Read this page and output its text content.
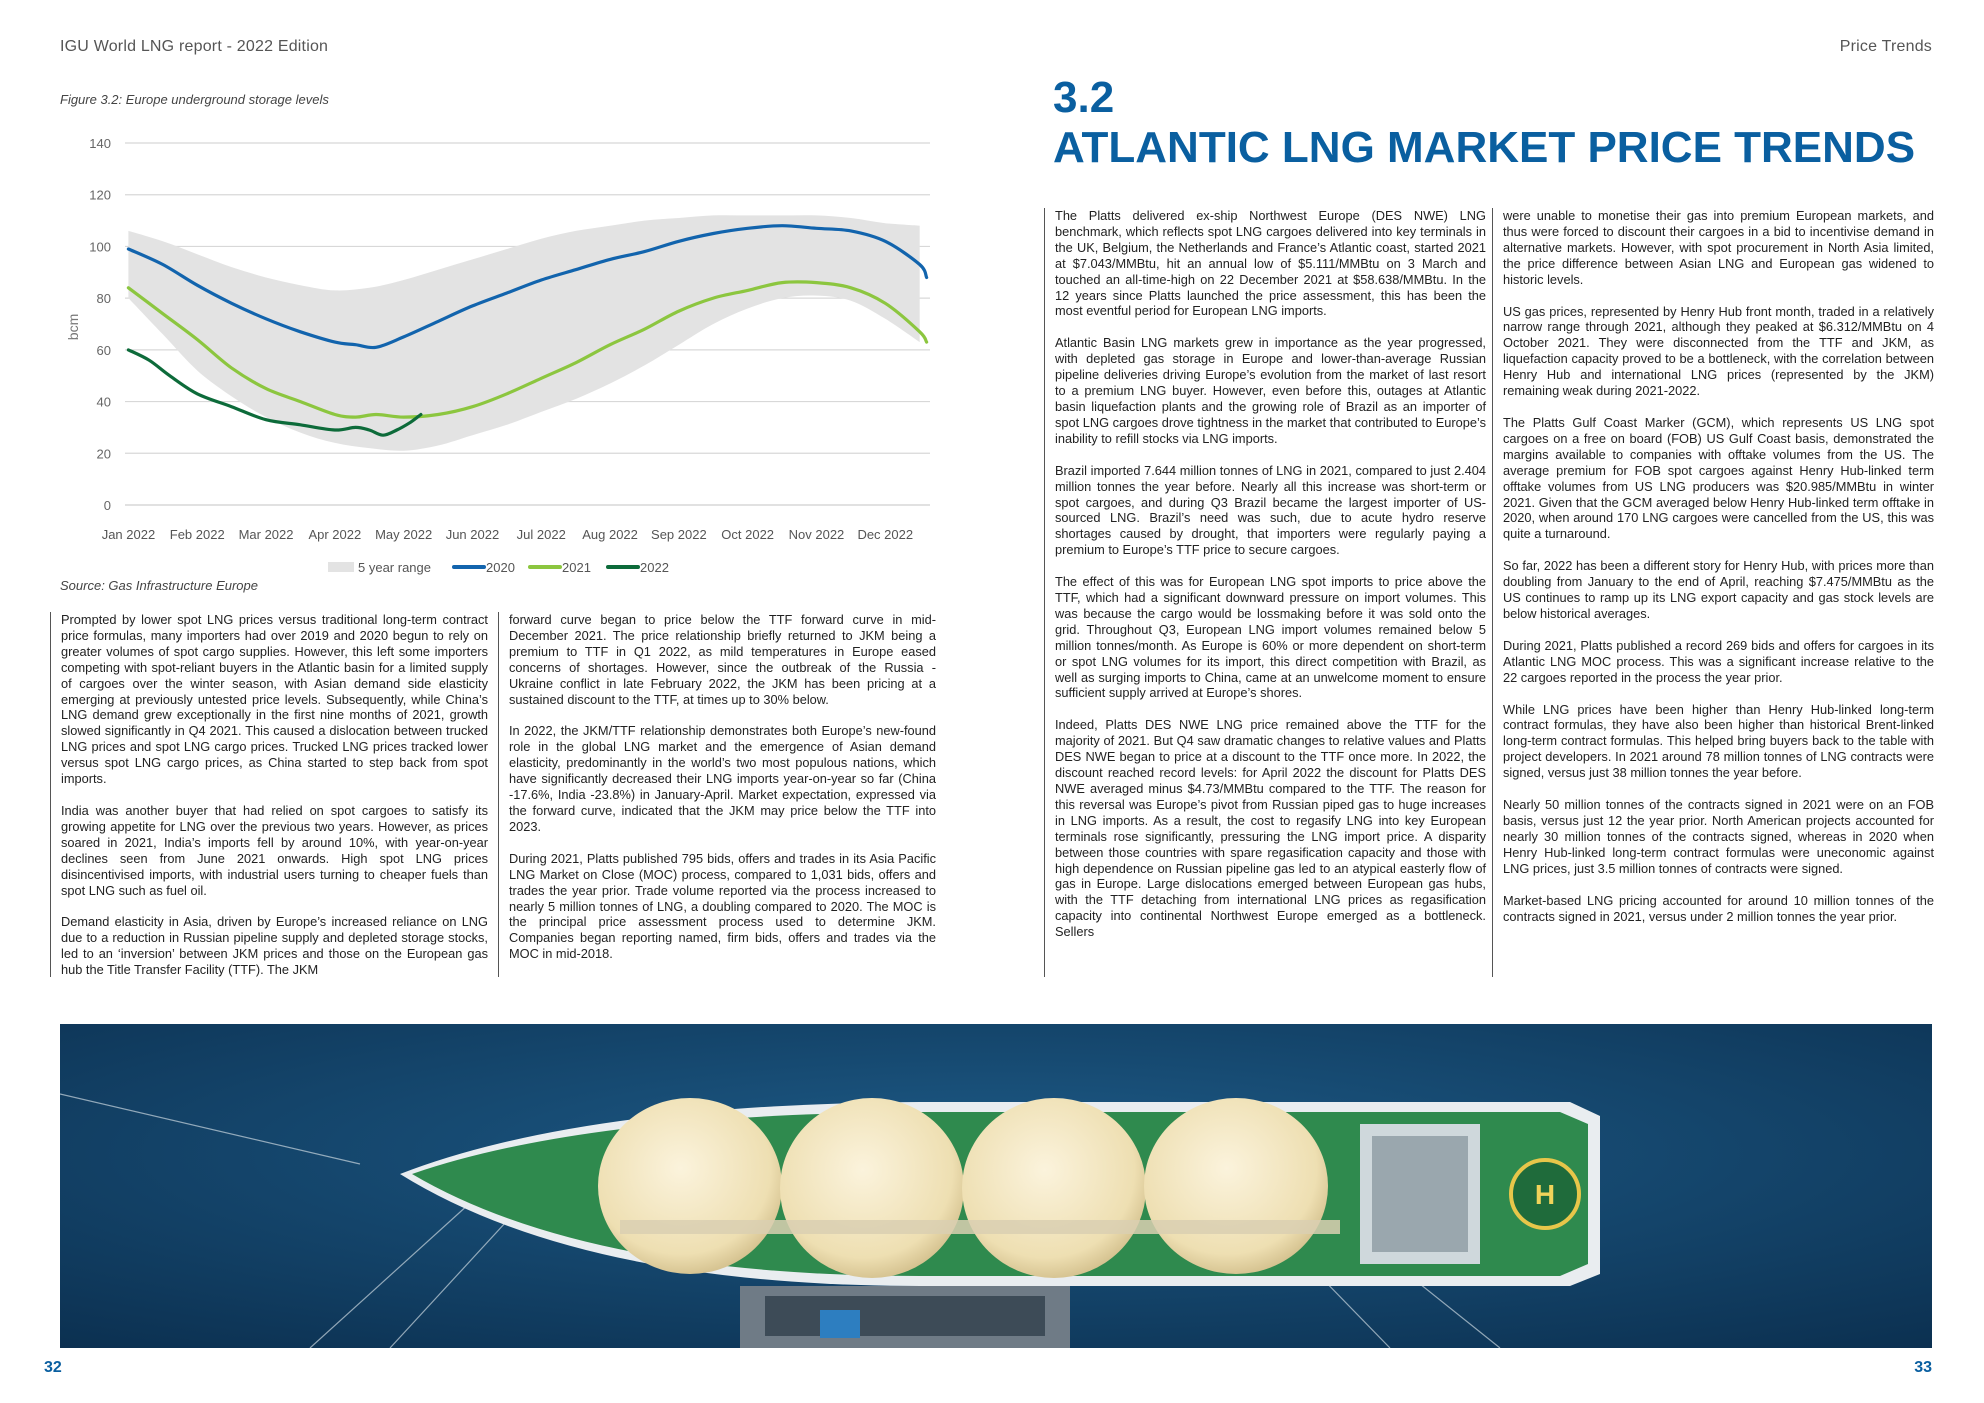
IGU World LNG report - 2022 Edition	Price Trends
Figure 3.2: Europe underground storage levels
0
20
40
60
80
100
120
140
Jan 2022 Feb 2022 Mar 2022 Apr 2022 May 2022 Jun 2022 Jul 2022 Aug 2022 Sep 2022 Oct 2022 Nov 2022 Dec 2022
bcm
5 year range	2020	2021	2022
Source: Gas Infrastructure Europe

Prompted by lower spot LNG prices versus traditional long-term contract price formulas, many importers had over 2019 and 2020 begun to rely on greater volumes of spot cargo supplies. However, this left some importers competing with spot-reliant buyers in the Atlantic basin for a limited supply of cargoes over the winter season, with Asian demand side elasticity emerging at previously untested price levels. Subsequently, while China’s LNG demand grew exceptionally in the first nine months of 2021, growth slowed significantly in Q4 2021. This caused a dislocation between trucked LNG prices and spot LNG cargo prices. Trucked LNG prices tracked lower versus spot LNG cargo prices, as China started to step back from spot imports.

India was another buyer that had relied on spot cargoes to satisfy its growing appetite for LNG over the previous two years. However, as prices soared in 2021, India’s imports fell by around 10%, with year-on-year declines seen from June 2021 onwards. High spot LNG prices disincentivised imports, with industrial users turning to cheaper fuels than spot LNG such as fuel oil.

Demand elasticity in Asia, driven by Europe’s increased reliance on LNG due to a reduction in Russian pipeline supply and depleted storage stocks, led to an ‘inversion’ between JKM prices and those on the European gas hub the Title Transfer Facility (TTF). The JKM

forward curve began to price below the TTF forward curve in mid-December 2021. The price relationship briefly returned to JKM being a premium to TTF in Q1 2022, as mild temperatures in Europe eased concerns of shortages. However, since the outbreak of the Russia - Ukraine conflict in late February 2022, the JKM has been pricing at a sustained discount to the TTF, at times up to 30% below.

In 2022, the JKM/TTF relationship demonstrates both Europe’s new-found role in the global LNG market and the emergence of Asian demand elasticity, predominantly in the world’s two most populous nations, which have significantly decreased their LNG imports year-on-year so far (China -17.6%, India -23.8%) in January-April. Market expectation, expressed via the forward curve, indicated that the JKM may price below the TTF into 2023.

During 2021, Platts published 795 bids, offers and trades in its Asia Pacific LNG Market on Close (MOC) process, compared to 1,031 bids, offers and trades the year prior. Trade volume reported via the process increased to nearly 5 million tonnes of LNG, a doubling compared to 2020. The MOC is the principal price assessment process used to determine JKM. Companies began reporting named, firm bids, offers and trades via the MOC in mid-2018.

3.2
ATLANTIC LNG MARKET PRICE TRENDS

The Platts delivered ex-ship Northwest Europe (DES NWE) LNG benchmark, which reflects spot LNG cargoes delivered into key terminals in the UK, Belgium, the Netherlands and France’s Atlantic coast, started 2021 at $7.043/MMBtu, hit an annual low of $5.111/MMBtu on 3 March and touched an all-time-high on 22 December 2021 at $58.638/MMBtu. In the 12 years since Platts launched the price assessment, this has been the most eventful period for European LNG imports.

Atlantic Basin LNG markets grew in importance as the year progressed, with depleted gas storage in Europe and lower-than-average Russian pipeline deliveries driving Europe’s evolution from the market of last resort to a premium LNG buyer. However, even before this, outages at Atlantic basin liquefaction plants and the growing role of Brazil as an importer of spot LNG cargoes drove tightness in the market that contributed to Europe’s inability to refill stocks via LNG imports.

Brazil imported 7.644 million tonnes of LNG in 2021, compared to just 2.404 million tonnes the year before. Nearly all this increase was short-term or spot cargoes, and during Q3 Brazil became the largest importer of US-sourced LNG. Brazil’s need was such, due to acute hydro reserve shortages caused by drought, that importers were regularly paying a premium to Europe’s TTF price to secure cargoes.

The effect of this was for European LNG spot imports to price above the TTF, which had a significant downward pressure on import volumes. This was because the cargo would be lossmaking before it was sold onto the grid. Throughout Q3, European LNG import volumes remained below 5 million tonnes/month. As Europe is 60% or more dependent on short-term or spot LNG volumes for its import, this direct competition with Brazil, as well as surging imports to China, came at an unwelcome moment to ensure sufficient supply arrived at Europe’s shores.

Indeed, Platts DES NWE LNG price remained above the TTF for the majority of 2021. But Q4 saw dramatic changes to relative values and Platts DES NWE began to price at a discount to the TTF once more. In 2022, the discount reached record levels: for April 2022 the discount for Platts DES NWE averaged minus $4.73/MMBtu compared to the TTF. The reason for this reversal was Europe’s pivot from Russian piped gas to huge increases in LNG imports. As a result, the cost to regasify LNG into key European terminals rose significantly, pressuring the LNG import price. A disparity between those countries with spare regasification capacity and those with high dependence on Russian pipeline gas led to an atypical easterly flow of gas in Europe. Large dislocations emerged between European gas hubs, with the TTF detaching from international LNG prices as regasification capacity into continental Northwest Europe emerged as a bottleneck. Sellers

were unable to monetise their gas into premium European markets, and thus were forced to discount their cargoes in a bid to incentivise demand in alternative markets. However, with spot procurement in North Asia limited, the price difference between Asian LNG and European gas widened to historic levels.

US gas prices, represented by Henry Hub front month, traded in a relatively narrow range through 2021, although they peaked at $6.312/MMBtu on 4 October 2021. They were disconnected from the TTF and JKM, as liquefaction capacity proved to be a bottleneck, with the correlation between Henry Hub and international LNG prices (represented by the JKM) remaining weak during 2021-2022.

The Platts Gulf Coast Marker (GCM), which represents US LNG spot cargoes on a free on board (FOB) US Gulf Coast basis, demonstrated the margins available to companies with offtake volumes from the US. The average premium for FOB spot cargoes against Henry Hub-linked term offtake volumes from US LNG producers was $20.985/MMBtu in winter 2021. Given that the GCM averaged below Henry Hub-linked term offtake in 2020, when around 170 LNG cargoes were cancelled from the US, this was quite a turnaround.

So far, 2022 has been a different story for Henry Hub, with prices more than doubling from January to the end of April, reaching $7.475/MMBtu as the US continues to ramp up its LNG export capacity and gas stock levels are below historical averages.

During 2021, Platts published a record 269 bids and offers for cargoes in its Atlantic LNG MOC process. This was a significant increase relative to the 22 cargoes reported in the process the year prior.

While LNG prices have been higher than Henry Hub-linked long-term contract formulas, they have also been higher than historical Brent-linked long-term contract formulas. This helped bring buyers back to the table with project developers. In 2021 around 78 million tonnes of LNG contracts were signed, versus just 38 million tonnes the year before.

Nearly 50 million tonnes of the contracts signed in 2021 were on an FOB basis, versus just 12 the year prior. North American projects accounted for nearly 30 million tonnes of the contracts signed, whereas in 2020 when Henry Hub-linked long-term contract formulas were uneconomic against LNG prices, just 3.5 million tonnes of contracts were signed.

Market-based LNG pricing accounted for around 10 million tonnes of the contracts signed in 2021, versus under 2 million tonnes the year prior.

H
32	33
